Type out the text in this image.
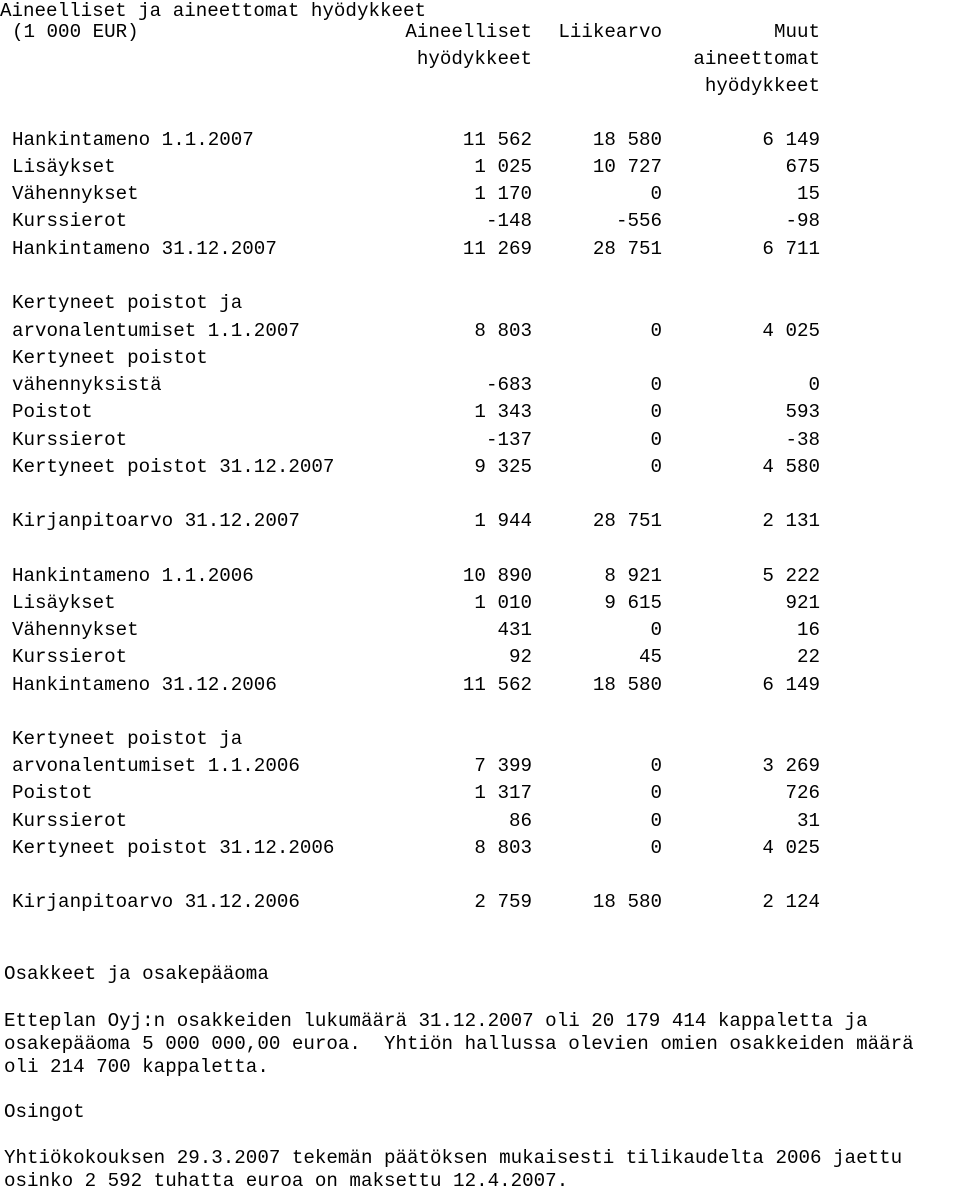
Aineelliset ja aineettomat hyödykkeet
(1 000 EUR)	Aineelliset
hyödykkeet
Liikearvo	Muut
aineettomat
hyödykkeet
Hankintameno 1.1.2007	11 562	18 580	6 149
Lisäykset	1 025	10 727	675
Vähennykset	1 170	0	15
Kurssierot	-148	-556	-98
Hankintameno 31.12.2007	11 269	28 751	6 711
Kertyneet poistot ja
arvonalentumiset 1.1.2007	8 803	0	4 025
Kertyneet poistot
vähennyksistä	-683	0	0
Poistot	1 343	0	593
Kurssierot	-137	0	-38
Kertyneet poistot 31.12.2007	9 325	0	4 580
Kirjanpitoarvo 31.12.2007	1 944	28 751	2 131
Hankintameno 1.1.2006	10 890	8 921	5 222
Lisäykset	1 010	9 615	921
Vähennykset	431	0	16
Kurssierot	92	45	22
Hankintameno 31.12.2006	11 562	18 580	6 149
Kertyneet poistot ja
arvonalentumiset 1.1.2006	7 399	0	3 269
Poistot	1 317	0	726
Kurssierot	86	0	31
Kertyneet poistot 31.12.2006	8 803	0	4 025
Kirjanpitoarvo 31.12.2006	2 759	18 580	2 124
Osakkeet ja osakepääoma
Etteplan Oyj:n osakkeiden lukumäärä 31.12.2007 oli 20 179 414 kappaletta ja
osakepääoma 5 000 000,00 euroa.  Yhtiön hallussa olevien omien osakkeiden määrä
oli 214 700 kappaletta.
Osingot
Yhtiökokouksen 29.3.2007 tekemän päätöksen mukaisesti tilikaudelta 2006 jaettu
osinko 2 592 tuhatta euroa on maksettu 12.4.2007.
